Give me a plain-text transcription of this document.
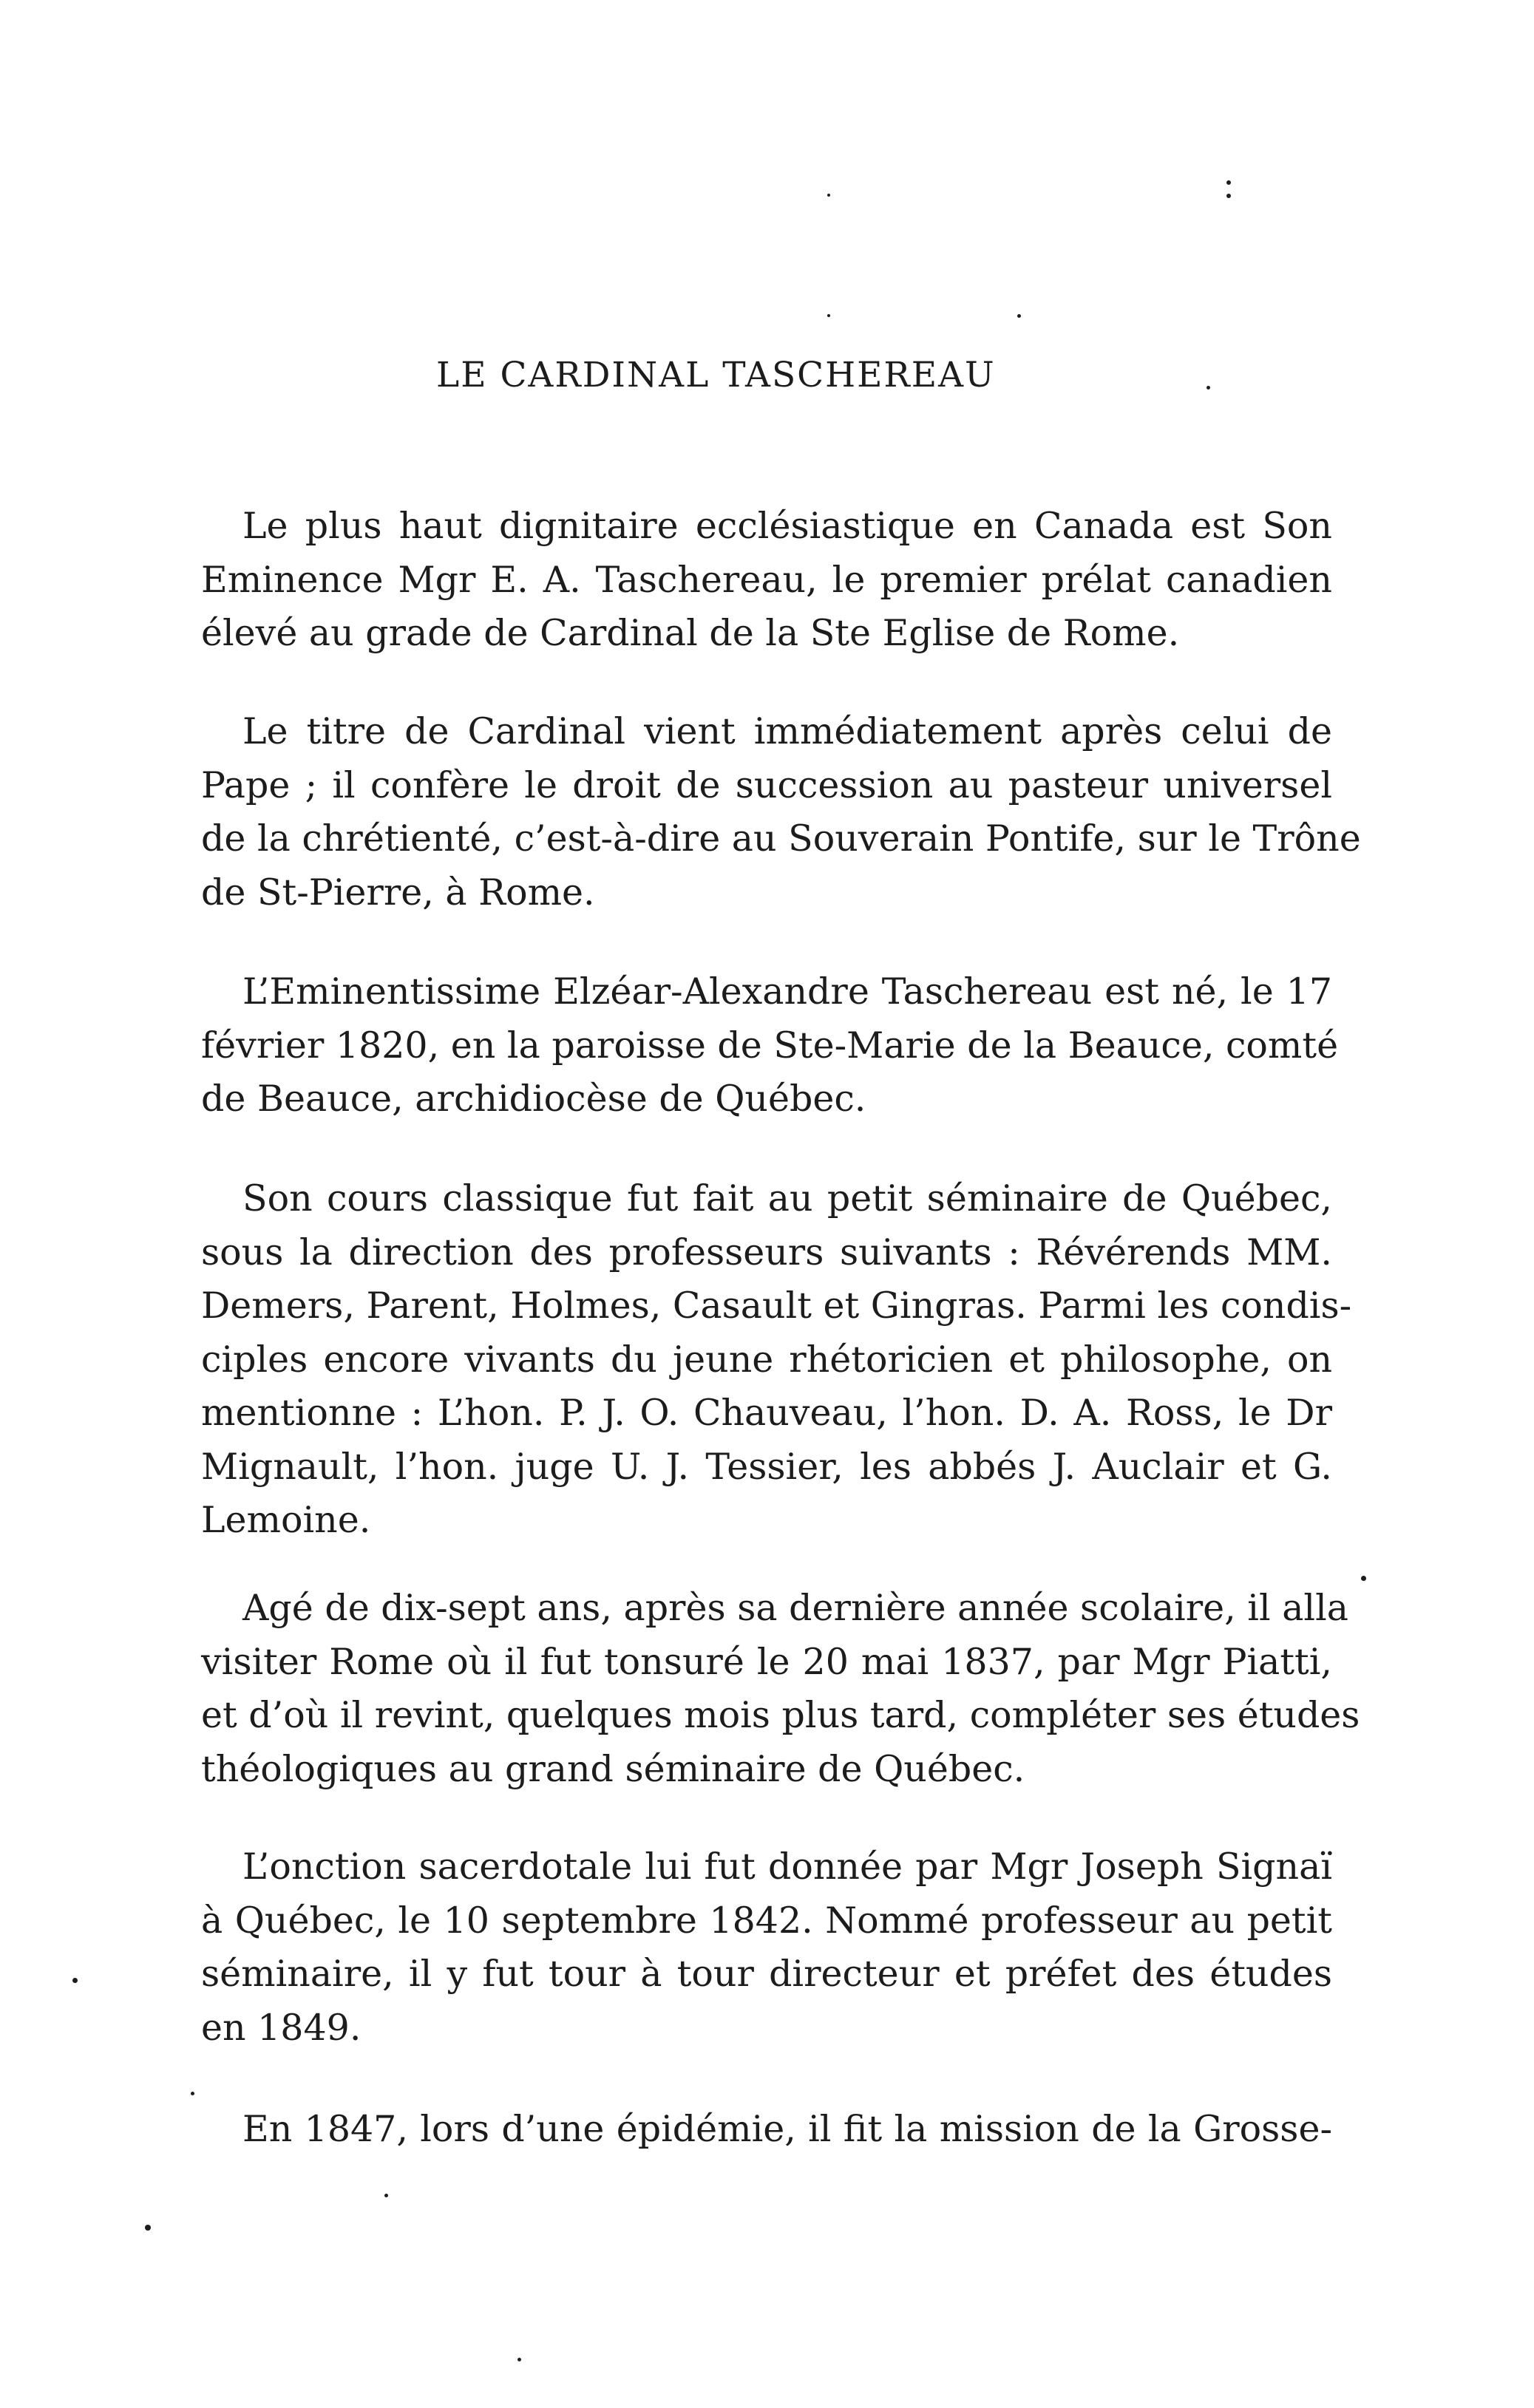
LE CARDINAL TASCHEREAU
Le plus haut dignitaire ecclésiastique en Canada est Son
Eminence Mgr E. A. Taschereau, le premier prélat canadien
élevé au grade de Cardinal de la Ste Eglise de Rome.
Le titre de Cardinal vient immédiatement après celui de
Pape ; il confère le droit de succession au pasteur universel
de la chrétienté, c’est-à-dire au Souverain Pontife, sur le Trône
de St-Pierre, à Rome.
L’Eminentissime Elzéar-Alexandre Taschereau est né, le 17
février 1820, en la paroisse de Ste-Marie de la Beauce, comté
de Beauce, archidiocèse de Québec.
Son cours classique fut fait au petit séminaire de Québec,
sous la direction des professeurs suivants : Révérends MM.
Demers, Parent, Holmes, Casault et Gingras. Parmi les condis-
ciples encore vivants du jeune rhétoricien et philosophe, on
mentionne : L’hon. P. J. O. Chauveau, l’hon. D. A. Ross, le Dr
Mignault, l’hon. juge U. J. Tessier, les abbés J. Auclair et G.
Lemoine.
Agé de dix-sept ans, après sa dernière année scolaire, il alla
visiter Rome où il fut tonsuré le 20 mai 1837, par Mgr Piatti,
et d’où il revint, quelques mois plus tard, compléter ses études
théologiques au grand séminaire de Québec.
L’onction sacerdotale lui fut donnée par Mgr Joseph Signaï
à Québec, le 10 septembre 1842. Nommé professeur au petit
séminaire, il y fut tour à tour directeur et préfet des études
en 1849.
En 1847, lors d’une épidémie, il fit la mission de la Grosse-
